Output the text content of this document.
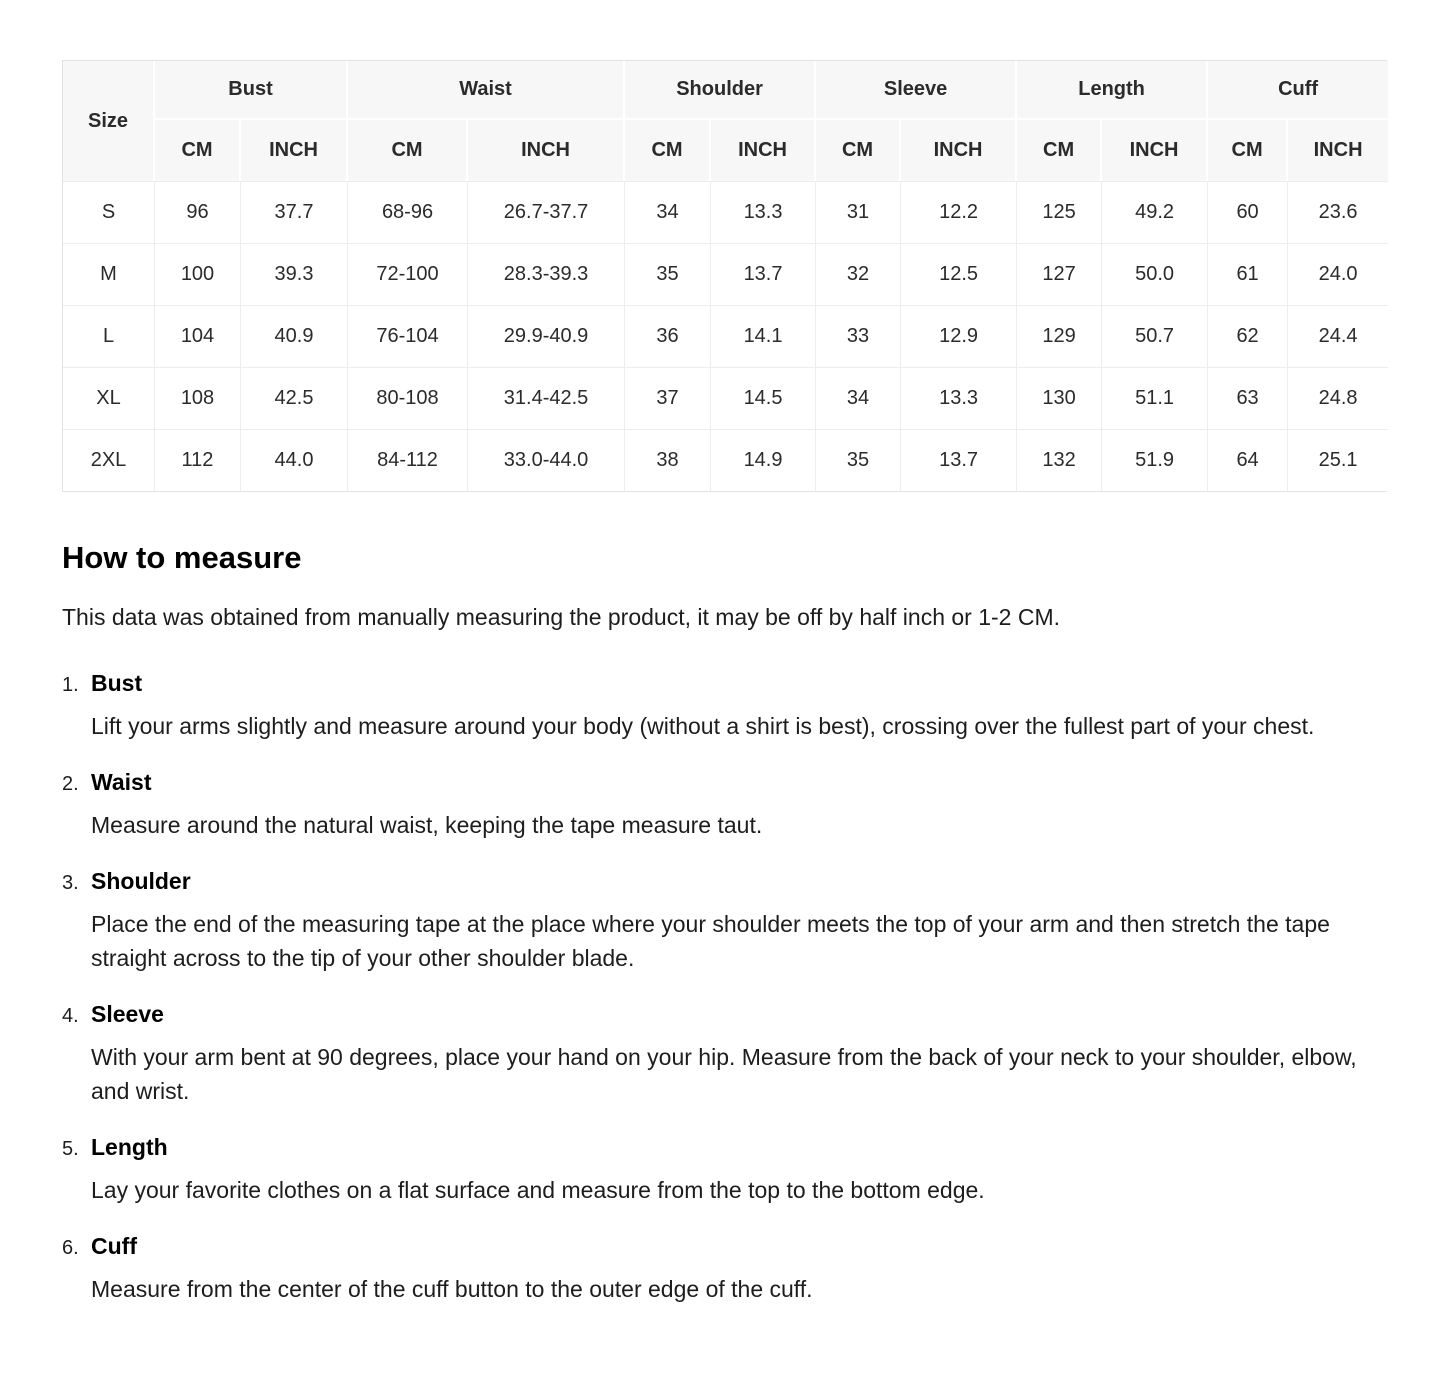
Size	Bust		Waist		Shoulder		Sleeve		Length		Cuff	
	CM	INCH	CM	INCH	CM	INCH	CM	INCH	CM	INCH	CM	INCH
S	96	37.7	68-96	26.7-37.7	34	13.3	31	12.2	125	49.2	60	23.6
M	100	39.3	72-100	28.3-39.3	35	13.7	32	12.5	127	50.0	61	24.0
L	104	40.9	76-104	29.9-40.9	36	14.1	33	12.9	129	50.7	62	24.4
XL	108	42.5	80-108	31.4-42.5	37	14.5	34	13.3	130	51.1	63	24.8
2XL	112	44.0	84-112	33.0-44.0	38	14.9	35	13.7	132	51.9	64	25.1
How to measure

This data was obtained from manually measuring the product, it may be off by half inch or 1-2 CM.

1. Bust

Lift your arms slightly and measure around your body (without a shirt is best), crossing over the fullest part of your chest.

2. Waist

Measure around the natural waist, keeping the tape measure taut.

3. Shoulder

Place the end of the measuring tape at the place where your shoulder meets the top of your arm and then stretch the tape straight across to the tip of your other shoulder blade.

4. Sleeve

With your arm bent at 90 degrees, place your hand on your hip. Measure from the back of your neck to your shoulder, elbow, and wrist.

5. Length

Lay your favorite clothes on a flat surface and measure from the top to the bottom edge.

6. Cuff

Measure from the center of the cuff button to the outer edge of the cuff.
